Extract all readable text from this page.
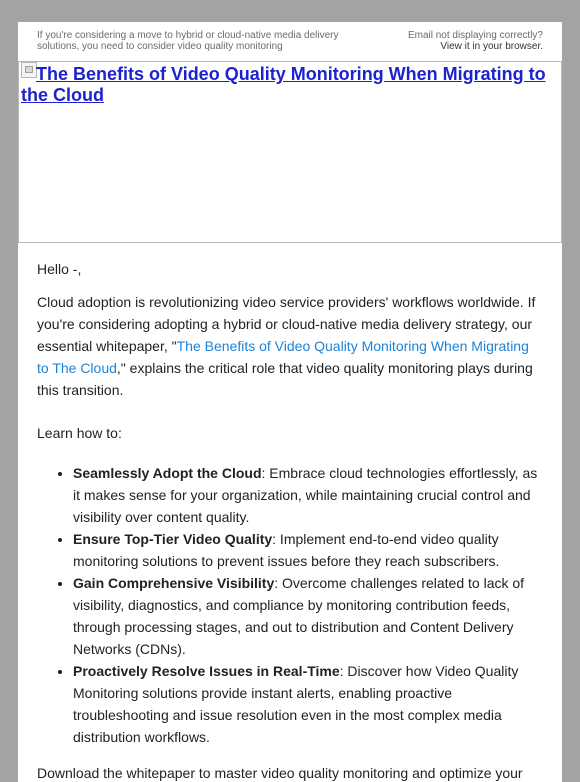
If you're considering a move to hybrid or cloud-native media delivery solutions, you need to consider video quality monitoring
Email not displaying correctly?
View it in your browser.
The Benefits of Video Quality Monitoring When Migrating to the Cloud

Hello -,

Cloud adoption is revolutionizing video service providers' workflows worldwide. If you're considering adopting a hybrid or cloud-native media delivery strategy, our essential whitepaper, "The Benefits of Video Quality Monitoring When Migrating to The Cloud," explains the critical role that video quality monitoring plays during this transition.

Learn how to:

• Seamlessly Adopt the Cloud: Embrace cloud technologies effortlessly, as it makes sense for your organization, while maintaining crucial control and visibility over content quality.
• Ensure Top-Tier Video Quality: Implement end-to-end video quality monitoring solutions to prevent issues before they reach subscribers.
• Gain Comprehensive Visibility: Overcome challenges related to lack of visibility, diagnostics, and compliance by monitoring contribution feeds, through processing stages, and out to distribution and Content Delivery Networks (CDNs).
• Proactively Resolve Issues in Real-Time: Discover how Video Quality Monitoring solutions provide instant alerts, enabling proactive troubleshooting and issue resolution even in the most complex media distribution workflows.

Download the whitepaper to master video quality monitoring and optimize your
